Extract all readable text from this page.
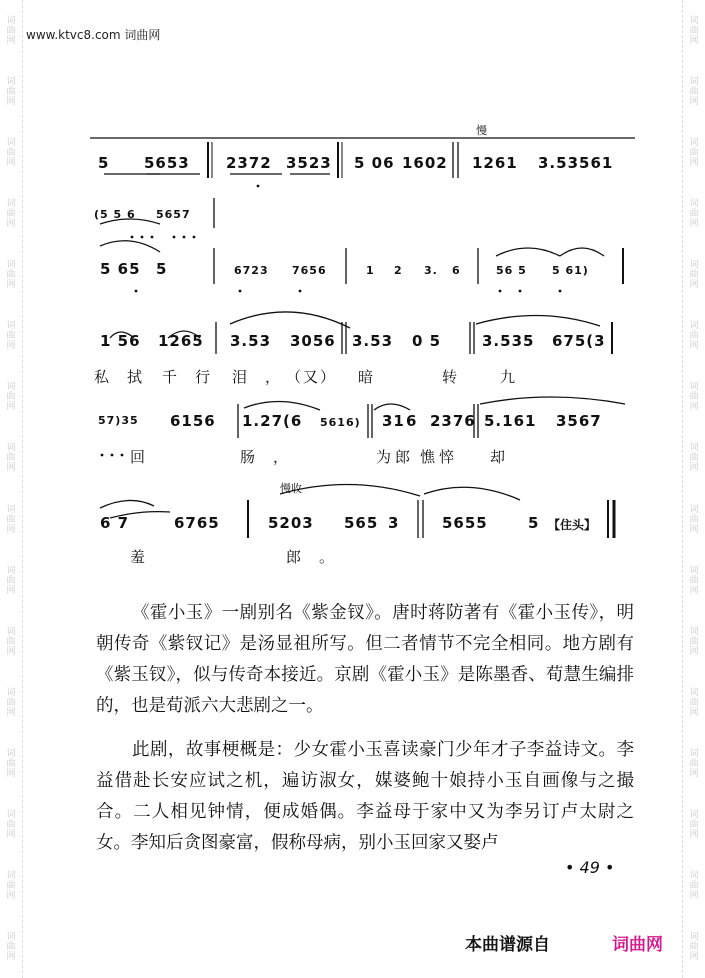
词
曲
网
词
曲
网
词
曲
网
词
曲
网
词
曲
网
词
曲
网
词
曲
网
词
曲
网
词
曲
网
词
曲
网
词
曲
网
词
曲
网
词
曲
网
词
曲
网
词
曲
网
词
曲
网
词
曲
网
词
曲
网
词
曲
网
词
曲
网
词
曲
网
词
曲
网
词
曲
网
词
曲
网
词
曲
网
词
曲
网
词
曲
网
词
曲
网
词
曲
网
词
曲
网
词
曲
网
词
曲
网
www.ktvc8.com 词曲网
慢
5 5653 2372 3523 5 06 1602 1261 3.53561
(5 5 6 5657
5 65 5	6723 7656	1 2 3. 6	56 5 5 61)
1 56 1265 3.53 3056 3.53 0 5	3.535 675(3
私拭 千行 泪，
（又） 暗	转 九
57)35 6156 1.27(6 5616) 31 6 2376 5.161 3567
回	肠，	为郎 憔悴 却
慢收
6 7	6765	5203 565 3	5655	5 【住头】
羞	郎。

《霍小玉》一剧别名《紫金钗》。唐时蒋防著有《霍小玉传》，明朝传奇《紫钗记》是汤显祖所写。但二者情节不完全相同。地方剧有《紫玉钗》，似与传奇本接近。京剧《霍小玉》是陈墨香、荀慧生编排的，也是荀派六大悲剧之一。

此剧，故事梗概是：少女霍小玉喜读豪门少年才子李益诗文。李益借赴长安应试之机，遍访淑女，媒婆鲍十娘持小玉自画像与之撮合。二人相见钟情，便成婚偶。李益母于家中又为李另订卢太尉之女。李知后贪图豪富，假称母病，别小玉回家又娶卢

• 49 •
本曲谱源自	词曲网
